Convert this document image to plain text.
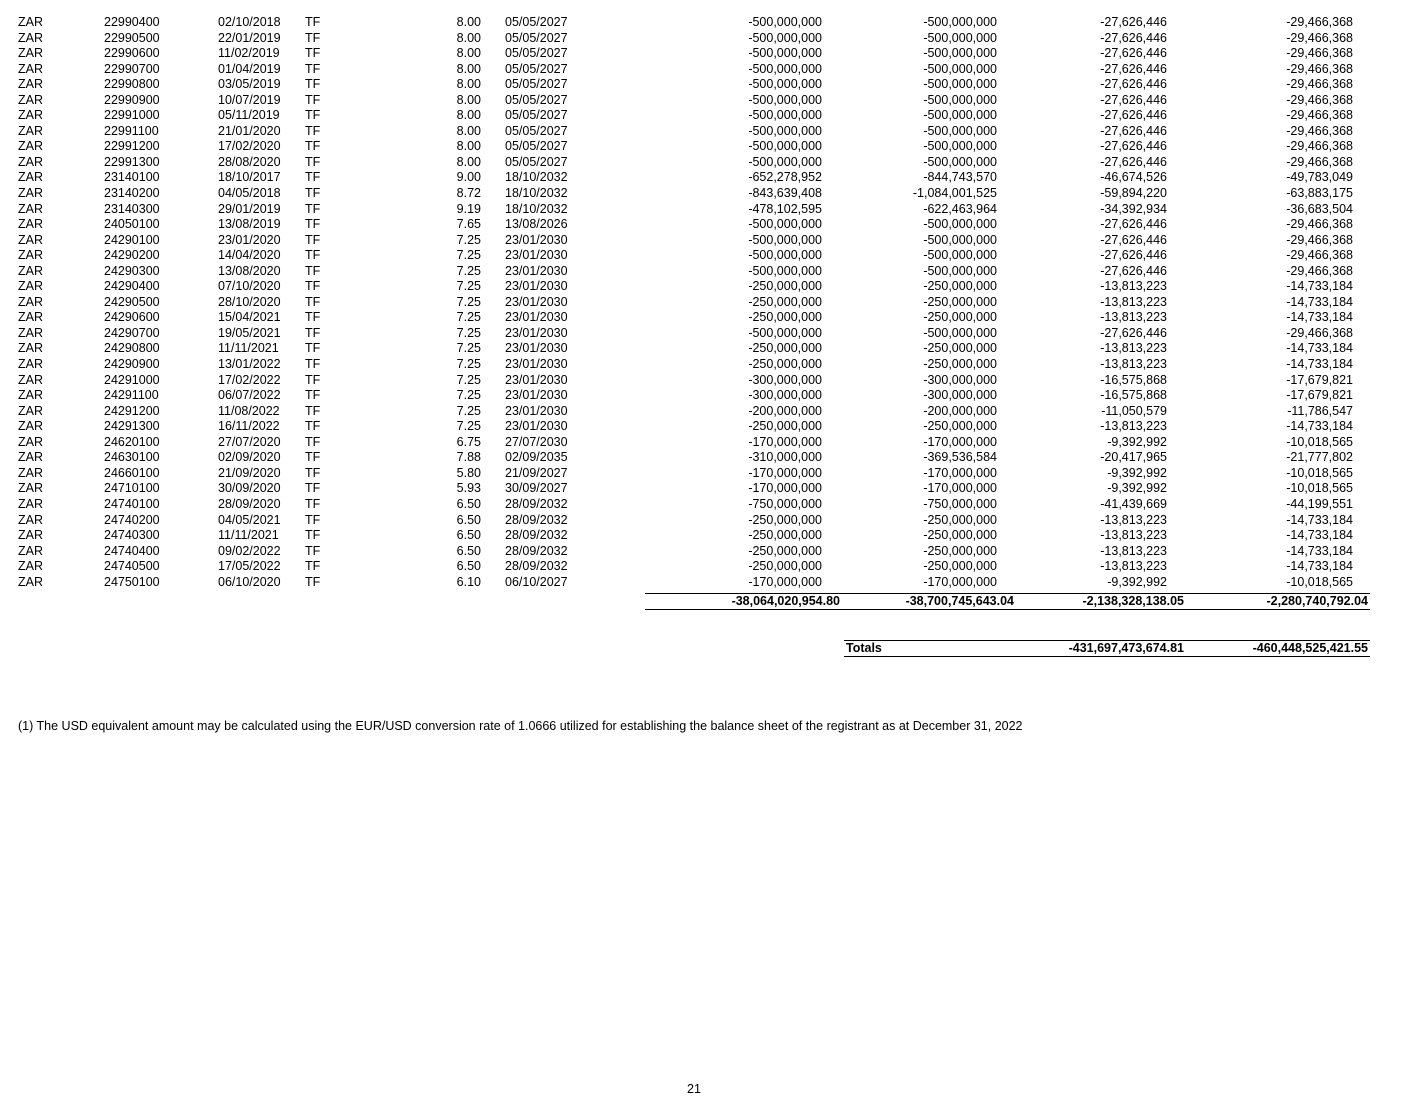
ZAR	22990400	02/10/2018	TF	8.00	05/05/2027	-500,000,000	-500,000,000	-27,626,446	-29,466,368
ZAR	22990500	22/01/2019	TF	8.00	05/05/2027	-500,000,000	-500,000,000	-27,626,446	-29,466,368
ZAR	22990600	11/02/2019	TF	8.00	05/05/2027	-500,000,000	-500,000,000	-27,626,446	-29,466,368
ZAR	22990700	01/04/2019	TF	8.00	05/05/2027	-500,000,000	-500,000,000	-27,626,446	-29,466,368
ZAR	22990800	03/05/2019	TF	8.00	05/05/2027	-500,000,000	-500,000,000	-27,626,446	-29,466,368
ZAR	22990900	10/07/2019	TF	8.00	05/05/2027	-500,000,000	-500,000,000	-27,626,446	-29,466,368
ZAR	22991000	05/11/2019	TF	8.00	05/05/2027	-500,000,000	-500,000,000	-27,626,446	-29,466,368
ZAR	22991100	21/01/2020	TF	8.00	05/05/2027	-500,000,000	-500,000,000	-27,626,446	-29,466,368
ZAR	22991200	17/02/2020	TF	8.00	05/05/2027	-500,000,000	-500,000,000	-27,626,446	-29,466,368
ZAR	22991300	28/08/2020	TF	8.00	05/05/2027	-500,000,000	-500,000,000	-27,626,446	-29,466,368
ZAR	23140100	18/10/2017	TF	9.00	18/10/2032	-652,278,952	-844,743,570	-46,674,526	-49,783,049
ZAR	23140200	04/05/2018	TF	8.72	18/10/2032	-843,639,408	-1,084,001,525	-59,894,220	-63,883,175
ZAR	23140300	29/01/2019	TF	9.19	18/10/2032	-478,102,595	-622,463,964	-34,392,934	-36,683,504
ZAR	24050100	13/08/2019	TF	7.65	13/08/2026	-500,000,000	-500,000,000	-27,626,446	-29,466,368
ZAR	24290100	23/01/2020	TF	7.25	23/01/2030	-500,000,000	-500,000,000	-27,626,446	-29,466,368
ZAR	24290200	14/04/2020	TF	7.25	23/01/2030	-500,000,000	-500,000,000	-27,626,446	-29,466,368
ZAR	24290300	13/08/2020	TF	7.25	23/01/2030	-500,000,000	-500,000,000	-27,626,446	-29,466,368
ZAR	24290400	07/10/2020	TF	7.25	23/01/2030	-250,000,000	-250,000,000	-13,813,223	-14,733,184
ZAR	24290500	28/10/2020	TF	7.25	23/01/2030	-250,000,000	-250,000,000	-13,813,223	-14,733,184
ZAR	24290600	15/04/2021	TF	7.25	23/01/2030	-250,000,000	-250,000,000	-13,813,223	-14,733,184
ZAR	24290700	19/05/2021	TF	7.25	23/01/2030	-500,000,000	-500,000,000	-27,626,446	-29,466,368
ZAR	24290800	11/11/2021	TF	7.25	23/01/2030	-250,000,000	-250,000,000	-13,813,223	-14,733,184
ZAR	24290900	13/01/2022	TF	7.25	23/01/2030	-250,000,000	-250,000,000	-13,813,223	-14,733,184
ZAR	24291000	17/02/2022	TF	7.25	23/01/2030	-300,000,000	-300,000,000	-16,575,868	-17,679,821
ZAR	24291100	06/07/2022	TF	7.25	23/01/2030	-300,000,000	-300,000,000	-16,575,868	-17,679,821
ZAR	24291200	11/08/2022	TF	7.25	23/01/2030	-200,000,000	-200,000,000	-11,050,579	-11,786,547
ZAR	24291300	16/11/2022	TF	7.25	23/01/2030	-250,000,000	-250,000,000	-13,813,223	-14,733,184
ZAR	24620100	27/07/2020	TF	6.75	27/07/2030	-170,000,000	-170,000,000	-9,392,992	-10,018,565
ZAR	24630100	02/09/2020	TF	7.88	02/09/2035	-310,000,000	-369,536,584	-20,417,965	-21,777,802
ZAR	24660100	21/09/2020	TF	5.80	21/09/2027	-170,000,000	-170,000,000	-9,392,992	-10,018,565
ZAR	24710100	30/09/2020	TF	5.93	30/09/2027	-170,000,000	-170,000,000	-9,392,992	-10,018,565
ZAR	24740100	28/09/2020	TF	6.50	28/09/2032	-750,000,000	-750,000,000	-41,439,669	-44,199,551
ZAR	24740200	04/05/2021	TF	6.50	28/09/2032	-250,000,000	-250,000,000	-13,813,223	-14,733,184
ZAR	24740300	11/11/2021	TF	6.50	28/09/2032	-250,000,000	-250,000,000	-13,813,223	-14,733,184
ZAR	24740400	09/02/2022	TF	6.50	28/09/2032	-250,000,000	-250,000,000	-13,813,223	-14,733,184
ZAR	24740500	17/05/2022	TF	6.50	28/09/2032	-250,000,000	-250,000,000	-13,813,223	-14,733,184
ZAR	24750100	06/10/2020	TF	6.10	06/10/2027	-170,000,000	-170,000,000	-9,392,992	-10,018,565
-38,064,020,954.80	-38,700,745,643.04	-2,138,328,138.05	-2,280,740,792.04
Totals	-431,697,473,674.81	-460,448,525,421.55
(1) The USD equivalent amount may be calculated using the EUR/USD conversion rate of 1.0666 utilized for establishing the balance sheet of the registrant as at December 31, 2022
21
